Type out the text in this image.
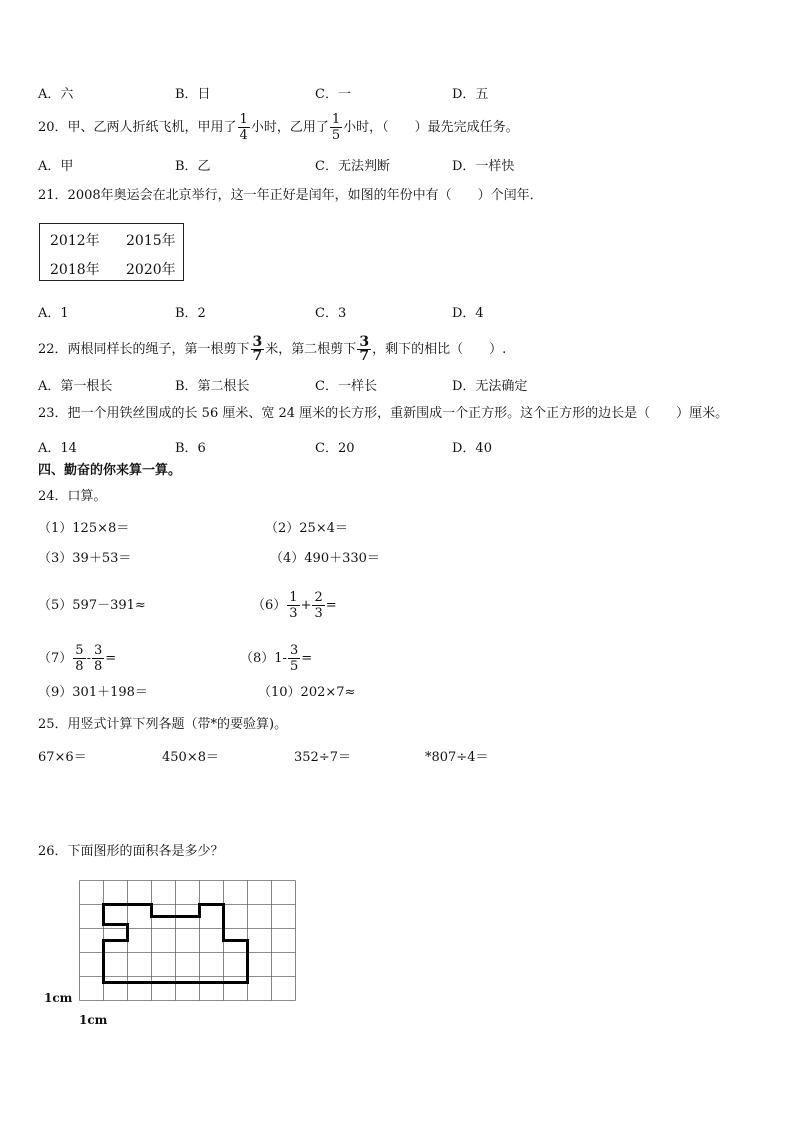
A．六	B．日	C．一	D．五
20．甲、乙两人折纸飞机，甲用了 $\frac{1}{4}$ 小时，乙用了 $\frac{1}{5}$ 小时，（　　）最先完成任务。
A．甲	B．乙	C．无法判断	D．一样快
21．2008年奥运会在北京举行，这一年正好是闰年，如图的年份中有（　　）个闰年．
2012年 2015年
2018年 2020年
A．1	B．2	C．3	D．4
22．两根同样长的绳子，第一根剪下 $\frac{3}{7}$ 米，第二根剪下 $\frac{3}{7}$ ，剩下的相比（　　）.
A．第一根长	B．第二根长	C．一样长	D．无法确定
23．把一个用铁丝围成的长 56 厘米、宽 24 厘米的长方形，重新围成一个正方形。这个正方形的边长是（　　）厘米。
A．14	B．6	C．20	D．40
四、勤奋的你来算一算。
24．口算。
（1）125×8＝	（2）25×4＝
（3）39＋53＝	（4）490＋330＝
（5）597－391≈	$(6) \frac{1}{3} + \frac{2}{3}$ =
$(7) \frac{5}{8} - \frac{3}{8}$ =	$(8)1- \frac{3}{5}$ =
（9）301＋198＝	（10）202×7≈
25．用竖式计算下列各题（带*的要验算)。
67×6＝	450×8＝	352÷7＝	*807÷4＝
26．下面图形的面积各是多少？
1cm
1cm
